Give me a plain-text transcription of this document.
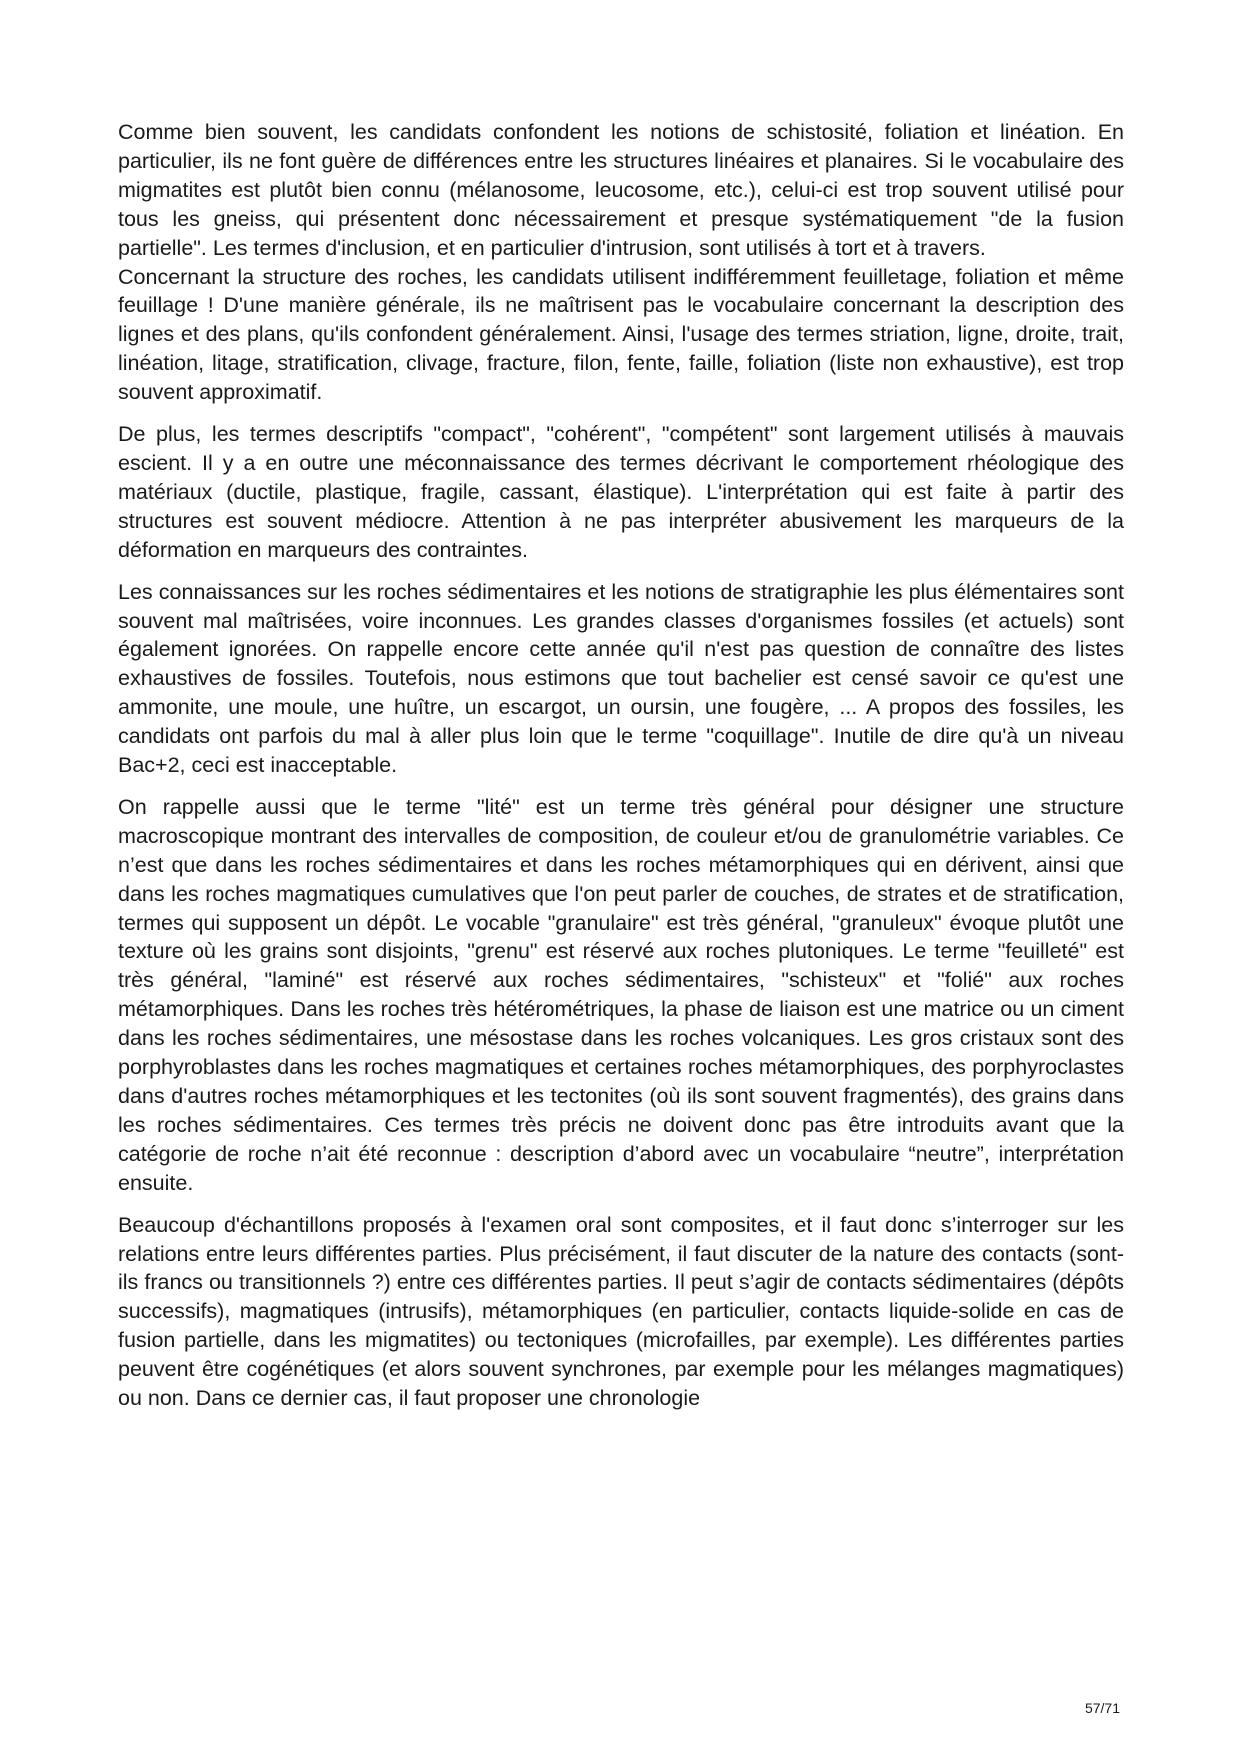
Comme bien souvent, les candidats confondent les notions de schistosité, foliation et linéation. En particulier, ils ne font guère de différences entre les structures linéaires et planaires. Si le vocabulaire des migmatites est plutôt bien connu (mélanosome, leucosome, etc.), celui-ci est trop souvent utilisé pour tous les gneiss, qui présentent donc nécessairement et presque systématiquement "de la fusion partielle". Les termes d'inclusion, et en particulier d'intrusion, sont utilisés à tort et à travers.

Concernant la structure des roches, les candidats utilisent indifféremment feuilletage, foliation et même feuillage ! D'une manière générale, ils ne maîtrisent pas le vocabulaire concernant la description des lignes et des plans, qu'ils confondent généralement. Ainsi, l'usage des termes striation, ligne, droite, trait, linéation, litage, stratification, clivage, fracture, filon, fente, faille, foliation (liste non exhaustive), est trop souvent approximatif.

De plus, les termes descriptifs "compact", "cohérent", "compétent" sont largement utilisés à mauvais escient. Il y a en outre une méconnaissance des termes décrivant le comportement rhéologique des matériaux (ductile, plastique, fragile, cassant, élastique). L'interprétation qui est faite à partir des structures est souvent médiocre. Attention à ne pas interpréter abusivement les marqueurs de la déformation en marqueurs des contraintes.

Les connaissances sur les roches sédimentaires et les notions de stratigraphie les plus élémentaires sont souvent mal maîtrisées, voire inconnues. Les grandes classes d'organismes fossiles (et actuels) sont également ignorées. On rappelle encore cette année qu'il n'est pas question de connaître des listes exhaustives de fossiles. Toutefois, nous estimons que tout bachelier est censé savoir ce qu'est une ammonite, une moule, une huître, un escargot, un oursin, une fougère, ... A propos des fossiles, les candidats ont parfois du mal à aller plus loin que le terme "coquillage". Inutile de dire qu'à un niveau Bac+2, ceci est inacceptable.

On rappelle aussi que le terme "lité" est un terme très général pour désigner une structure macroscopique montrant des intervalles de composition, de couleur et/ou de granulométrie variables. Ce n’est que dans les roches sédimentaires et dans les roches métamorphiques qui en dérivent, ainsi que dans les roches magmatiques cumulatives que l'on peut parler de couches, de strates et de stratification, termes qui supposent un dépôt. Le vocable "granulaire" est très général, "granuleux" évoque plutôt une texture où les grains sont disjoints, "grenu" est réservé aux roches plutoniques. Le terme "feuilleté" est très général, "laminé" est réservé aux roches sédimentaires, "schisteux" et "folié" aux roches métamorphiques. Dans les roches très hétérométriques, la phase de liaison est une matrice ou un ciment dans les roches sédimentaires, une mésostase dans les roches volcaniques. Les gros cristaux sont des porphyroblastes dans les roches magmatiques et certaines roches métamorphiques, des porphyroclastes dans d'autres roches métamorphiques et les tectonites (où ils sont souvent fragmentés), des grains dans les roches sédimentaires. Ces termes très précis ne doivent donc pas être introduits avant que la catégorie de roche n’ait été reconnue : description d’abord avec un vocabulaire “neutre”, interprétation ensuite.

Beaucoup d'échantillons proposés à l'examen oral sont composites, et il faut donc s’interroger sur les relations entre leurs différentes parties. Plus précisément, il faut discuter de la nature des contacts (sont-ils francs ou transitionnels ?) entre ces différentes parties. Il peut s’agir de contacts sédimentaires (dépôts successifs), magmatiques (intrusifs), métamorphiques (en particulier, contacts liquide-solide en cas de fusion partielle, dans les migmatites) ou tectoniques (microfailles, par exemple). Les différentes parties peuvent être cogénétiques (et alors souvent synchrones, par exemple pour les mélanges magmatiques) ou non. Dans ce dernier cas, il faut proposer une chronologie

57/71
